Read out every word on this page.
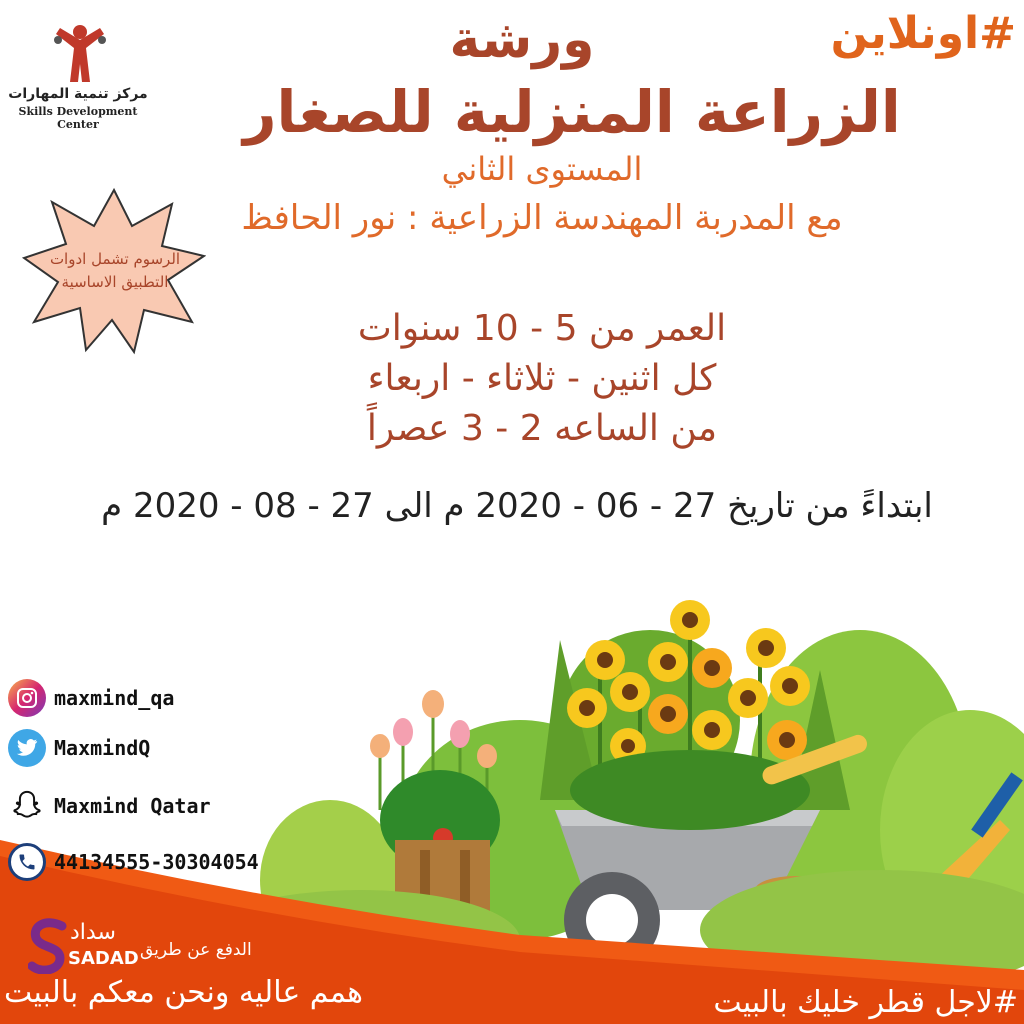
#اونلاين
ورشة
الزراعة المنزلية للصغار
المستوى الثاني
مع المدربة المهندسة الزراعية : نور الحافظ
مركز تنمية المهارات
Skills Development Center
الرسوم تشمل ادوات التطبيق الاساسية
العمر من 5 - 10 سنوات
كل اثنين - ثلاثاء - اربعاء
من الساعه 2 - 3 عصراً
ابتداءً من تاريخ 27 - 06 - 2020 م الى 27 - 08 - 2020 م
maxmind_qa
MaxmindQ
Maxmind Qatar
44134555-30304054
سداد
SADAD الدفع عن طريق
همم عاليه ونحن معكم بالبيت	#لاجل قطر خليك بالبيت
